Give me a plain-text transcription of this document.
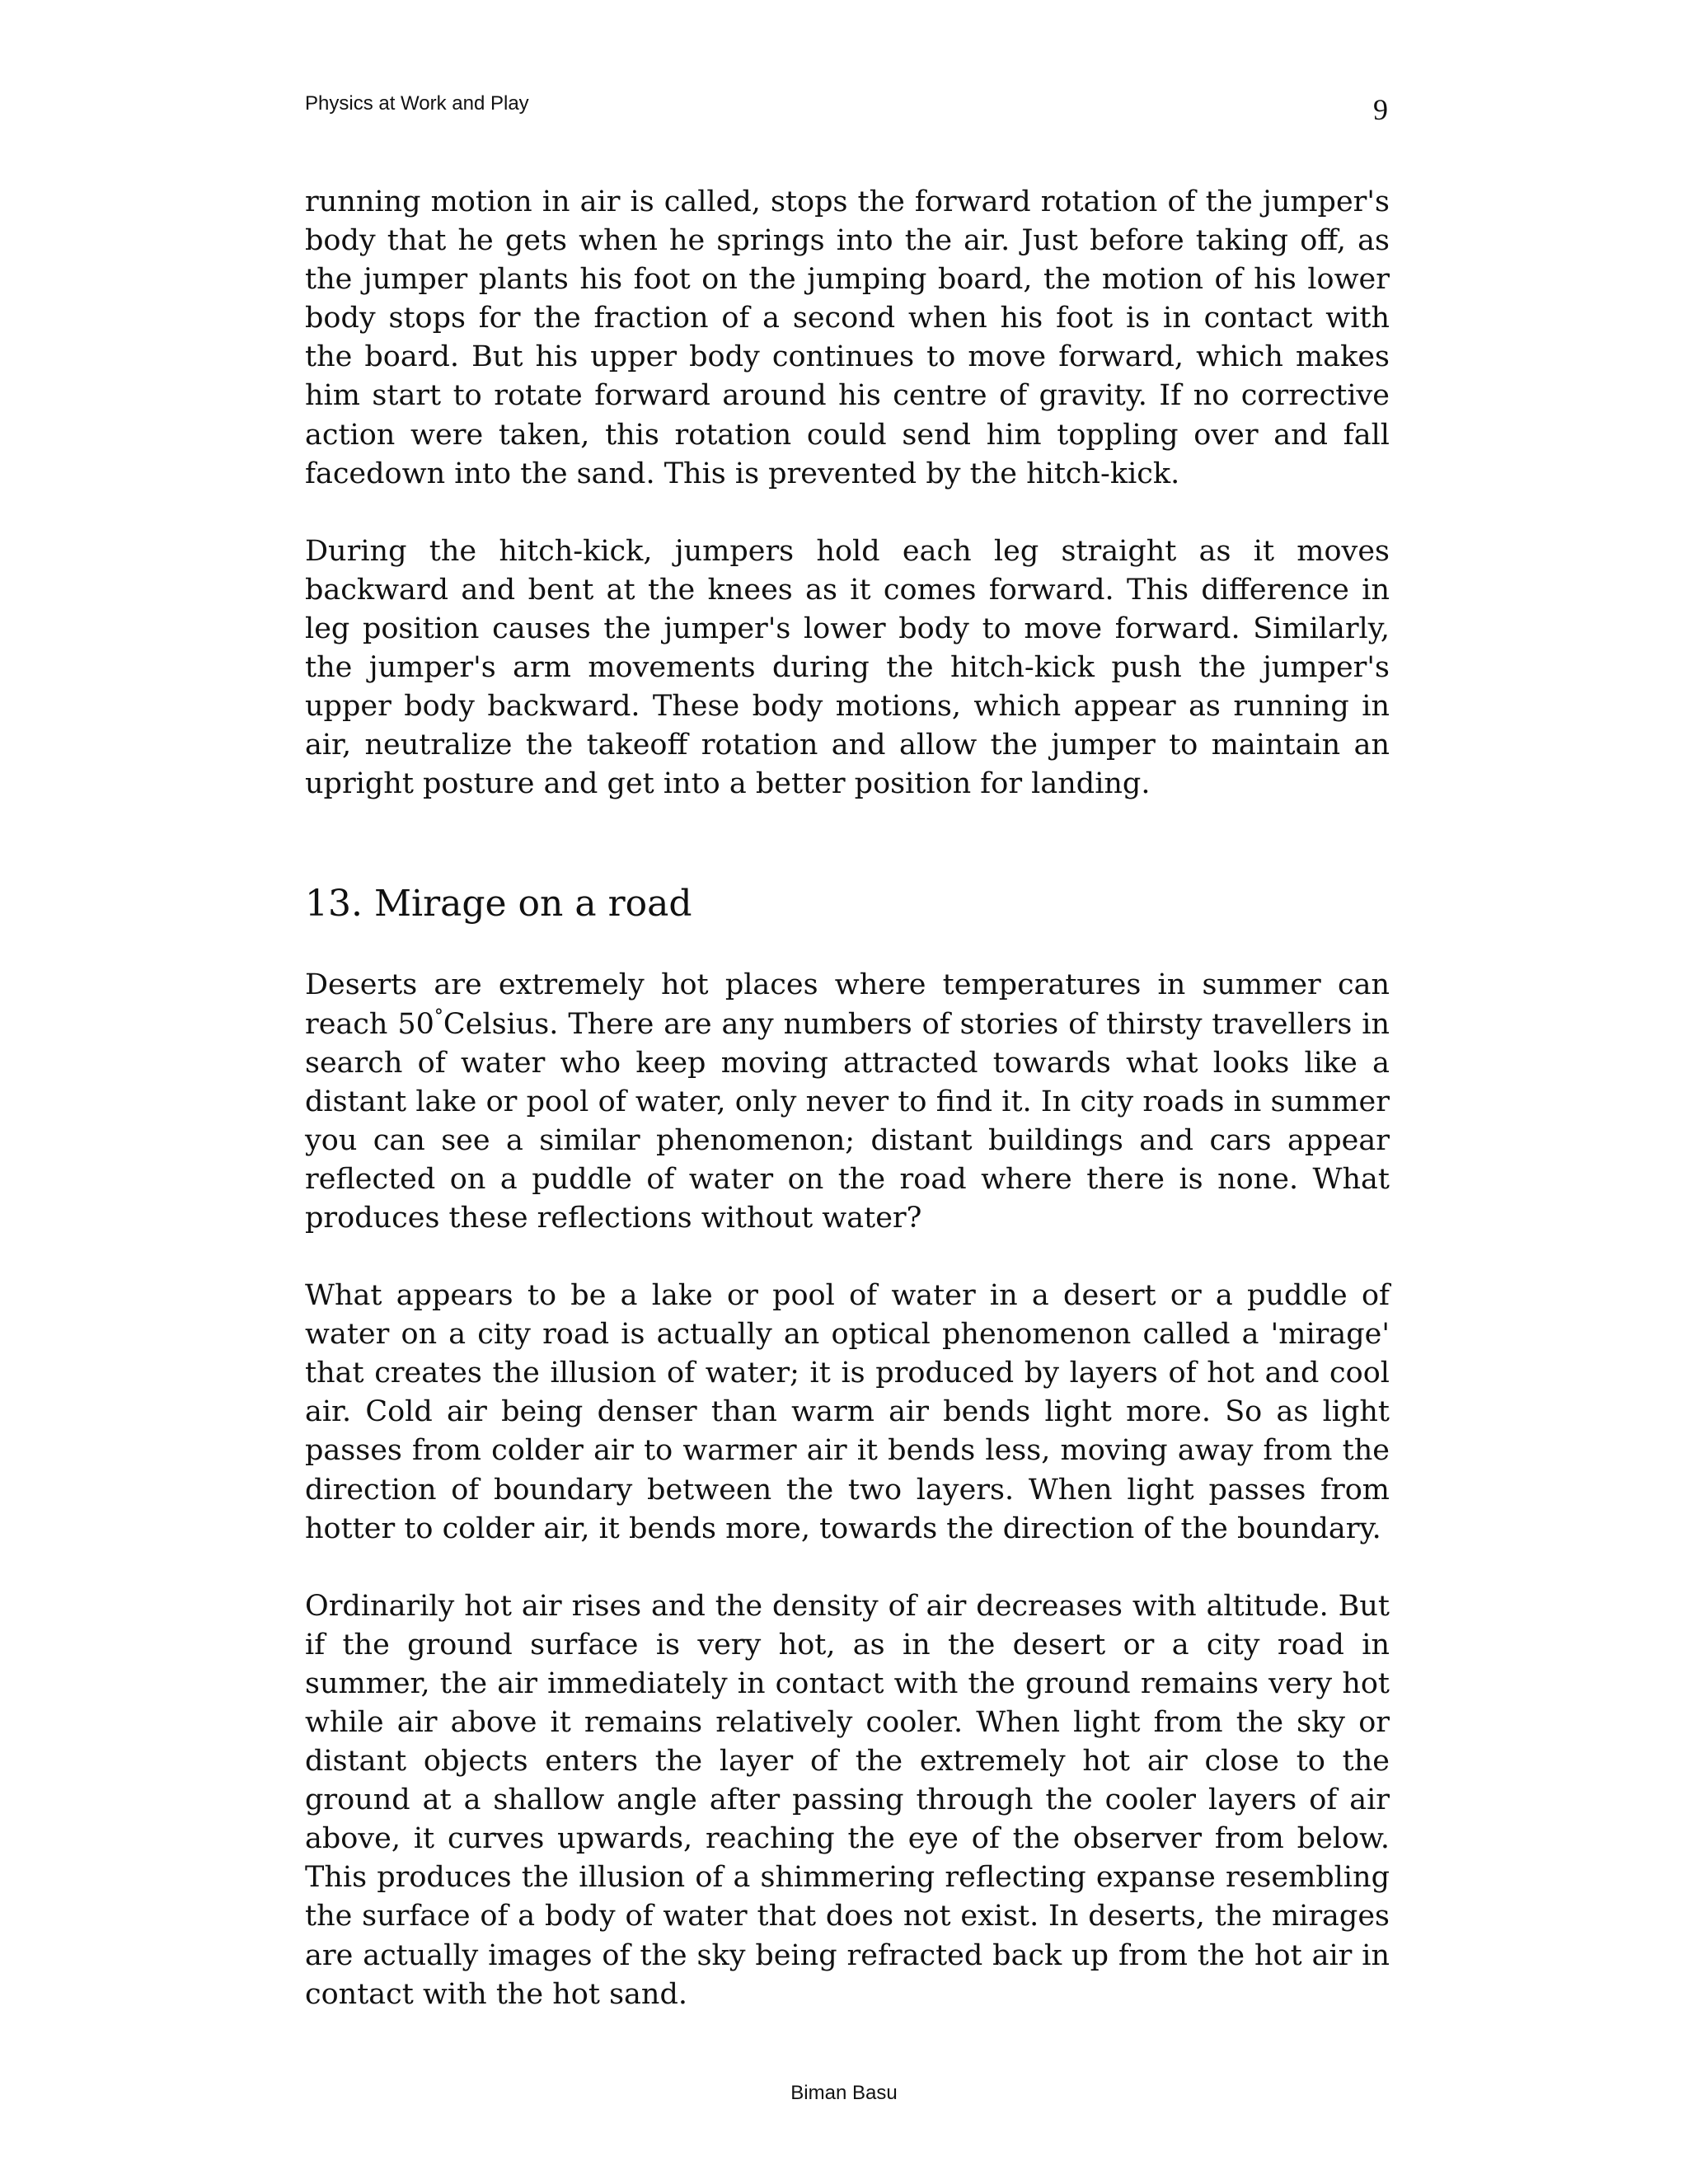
Physics at Work and Play	9

running motion in air is called, stops the forward rotation of the jumper's body that he gets when he springs into the air. Just before taking off, as the jumper plants his foot on the jumping board, the motion of his lower body stops for the fraction of a second when his foot is in contact with the board. But his upper body continues to move forward, which makes him start to rotate forward around his centre of gravity. If no corrective action were taken, this rotation could send him toppling over and fall facedown into the sand. This is prevented by the hitch-kick.

During the hitch-kick, jumpers hold each leg straight as it moves backward and bent at the knees as it comes forward. This difference in leg position causes the jumper's lower body to move forward. Similarly, the jumper's arm movements during the hitch-kick push the jumper's upper body backward. These body motions, which appear as running in air, neutralize the takeoff rotation and allow the jumper to maintain an upright posture and get into a better position for landing.

13. Mirage on a road

Deserts are extremely hot places where temperatures in summer can reach 50°Celsius. There are any numbers of stories of thirsty travellers in search of water who keep moving attracted towards what looks like a distant lake or pool of water, only never to find it. In city roads in summer you can see a similar phenomenon; distant buildings and cars appear reflected on a puddle of water on the road where there is none. What produces these reflections without water?

What appears to be a lake or pool of water in a desert or a puddle of water on a city road is actually an optical phenomenon called a 'mirage' that creates the illusion of water; it is produced by layers of hot and cool air. Cold air being denser than warm air bends light more. So as light passes from colder air to warmer air it bends less, moving away from the direction of boundary between the two layers. When light passes from hotter to colder air, it bends more, towards the direction of the boundary.

Ordinarily hot air rises and the density of air decreases with altitude. But if the ground surface is very hot, as in the desert or a city road in summer, the air immediately in contact with the ground remains very hot while air above it remains relatively cooler. When light from the sky or distant objects enters the layer of the extremely hot air close to the ground at a shallow angle after passing through the cooler layers of air above, it curves upwards, reaching the eye of the observer from below. This produces the illusion of a shimmering reflecting expanse resembling the surface of a body of water that does not exist. In deserts, the mirages are actually images of the sky being refracted back up from the hot air in contact with the hot sand.

Biman Basu
